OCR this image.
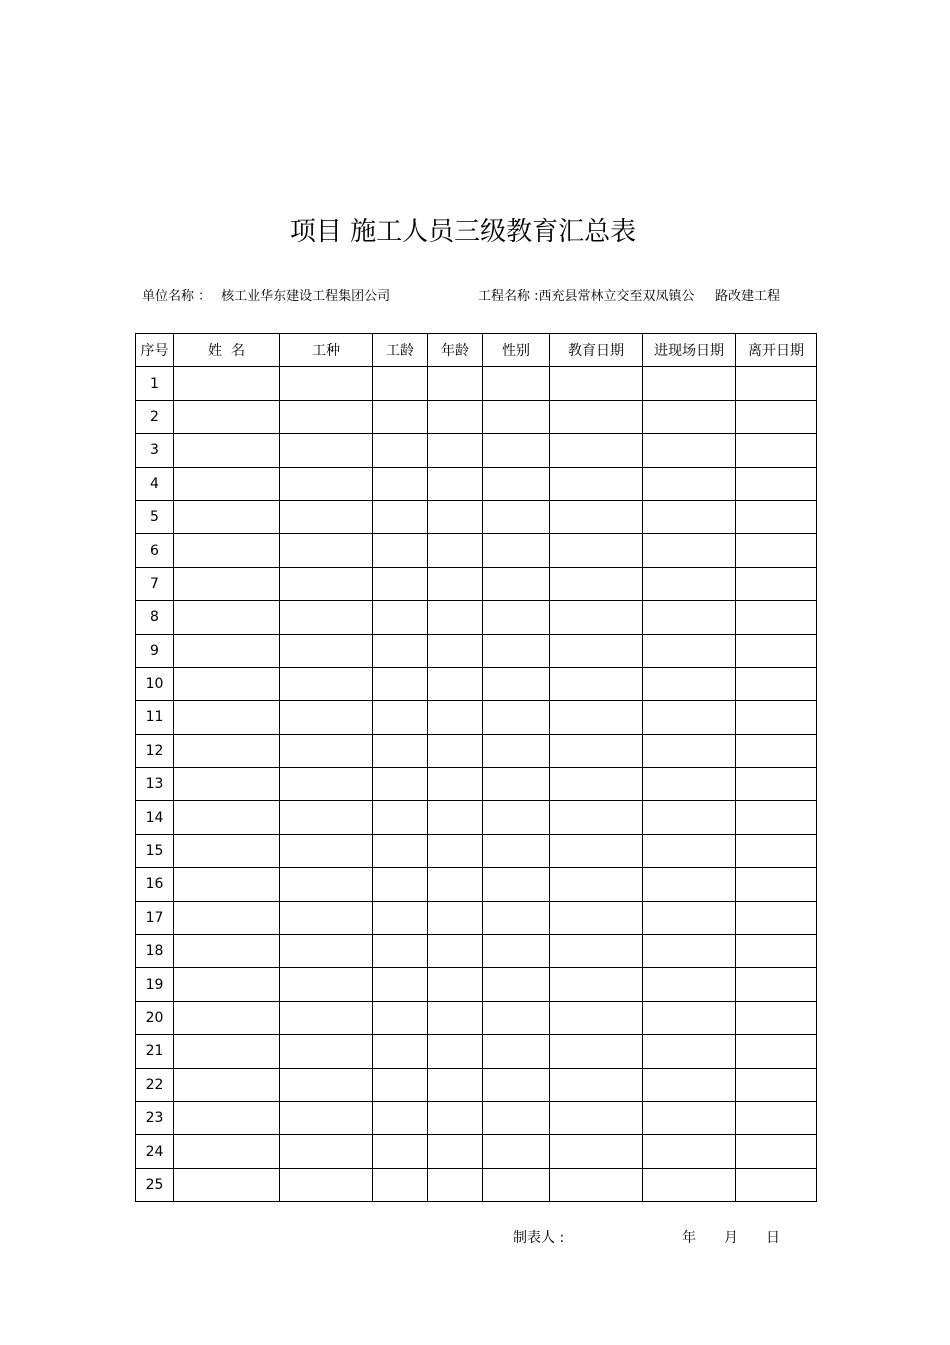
项目 施工人员三级教育汇总表
单位名称 ： 核工业华东建设工程集团公司	工程名称 :西充县常林立交至双凤镇公     路改建工程
序号	姓  名	工种	工龄	年龄	性别	教育日期	进现场日期	离开日期
1								
2								
3								
4								
5								
6								
7								
8								
9								
10								
11								
12								
13								
14								
15								
16								
17								
18								
19								
20								
21								
22								
23								
24								
25								
制表人 :	年 月 日
